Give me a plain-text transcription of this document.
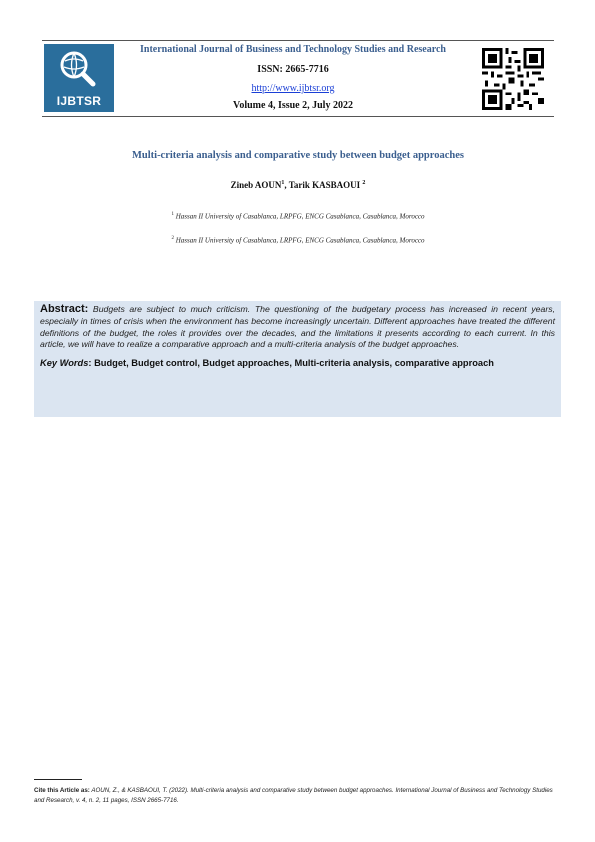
IJBTSR
International Journal of Business and Technology Studies and Research
ISSN: 2665-7716
http://www.ijbtsr.org
Volume 4, Issue 2, July 2022
Multi-criteria analysis and comparative study between budget approaches
Zineb AOUN$^1$, Tarik KASBAOUI $^2$
$^1$ Hassan II University of Casablanca, LRPFG, ENCG Casablanca, Casablanca, Morocco
$^2$ Hassan II University of Casablanca, LRPFG, ENCG Casablanca, Casablanca, Morocco

Abstract: Budgets are subject to much criticism. The questioning of the budgetary process has increased in recent years, especially in times of crisis when the environment has become increasingly uncertain. Different approaches have treated the different definitions of the budget, the roles it provides over the decades, and the limitations it presents according to each current. In this article, we will have to realize a comparative approach and a multi-criteria analysis of the budget approaches.

Key Words: Budget, Budget control, Budget approaches, Multi-criteria analysis, comparative approach

Cite this Article as: AOUN, Z., & KASBAOUI, T. (2022). Multi-criteria analysis and comparative study between budget approaches. International Journal of Business and Technology Studies and Research, v. 4, n. 2, 11 pages, ISSN 2665-7716.
